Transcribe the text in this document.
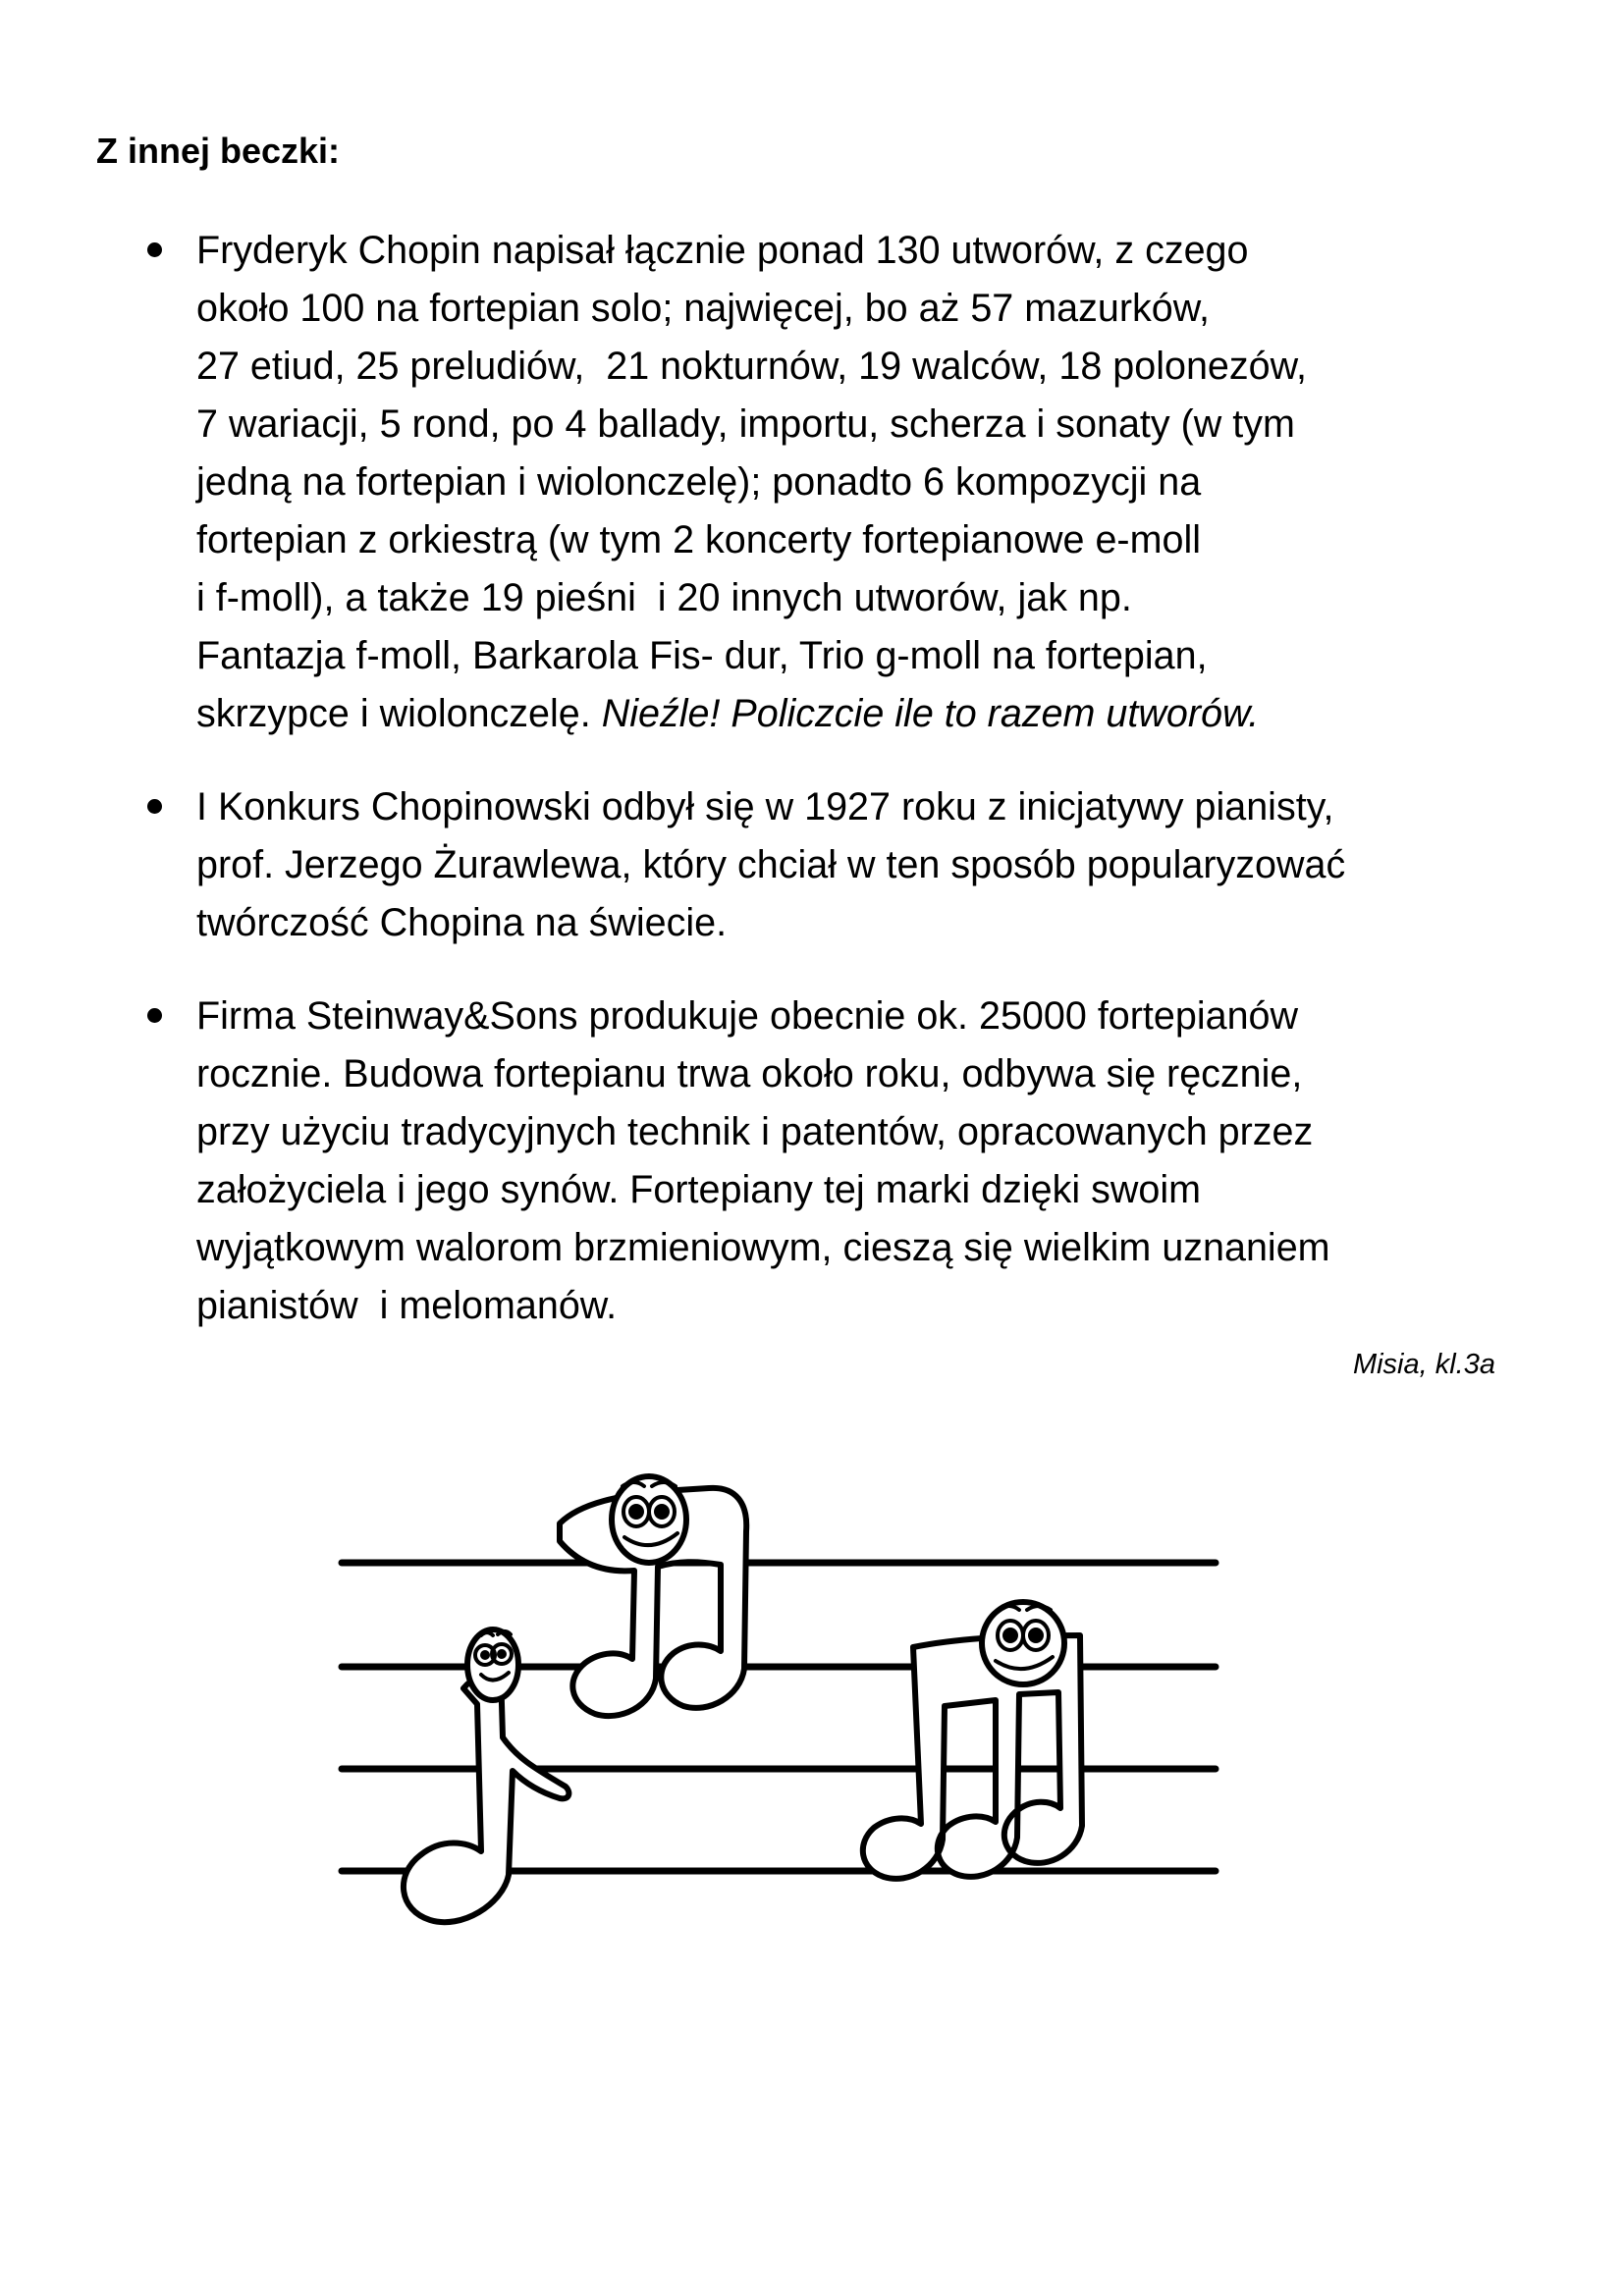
Z innej beczki:
Fryderyk Chopin napisał łącznie ponad 130 utworów, z czego
około 100 na fortepian solo; najwięcej, bo aż 57 mazurków,
27 etiud, 25 preludiów,  21 nokturnów, 19 walców, 18 polonezów,
7 wariacji, 5 rond, po 4 ballady, importu, scherza i sonaty (w tym
jedną na fortepian i wiolonczelę); ponadto 6 kompozycji na
fortepian z orkiestrą (w tym 2 koncerty fortepianowe e-moll
i f-moll), a także 19 pieśni  i 20 innych utworów, jak np.
Fantazja f-moll, Barkarola Fis- dur, Trio g-moll na fortepian,
skrzypce i wiolonczelę. Nieźle! Policzcie ile to razem utworów.
I Konkurs Chopinowski odbył się w 1927 roku z inicjatywy pianisty,
prof. Jerzego Żurawlewa, który chciał w ten sposób popularyzować
twórczość Chopina na świecie.
Firma Steinway&Sons produkuje obecnie ok. 25000 fortepianów
rocznie. Budowa fortepianu trwa około roku, odbywa się ręcznie,
przy użyciu tradycyjnych technik i patentów, opracowanych przez
założyciela i jego synów. Fortepiany tej marki dzięki swoim
wyjątkowym walorom brzmieniowym, cieszą się wielkim uznaniem
pianistów  i melomanów.
Misia, kl.3a
